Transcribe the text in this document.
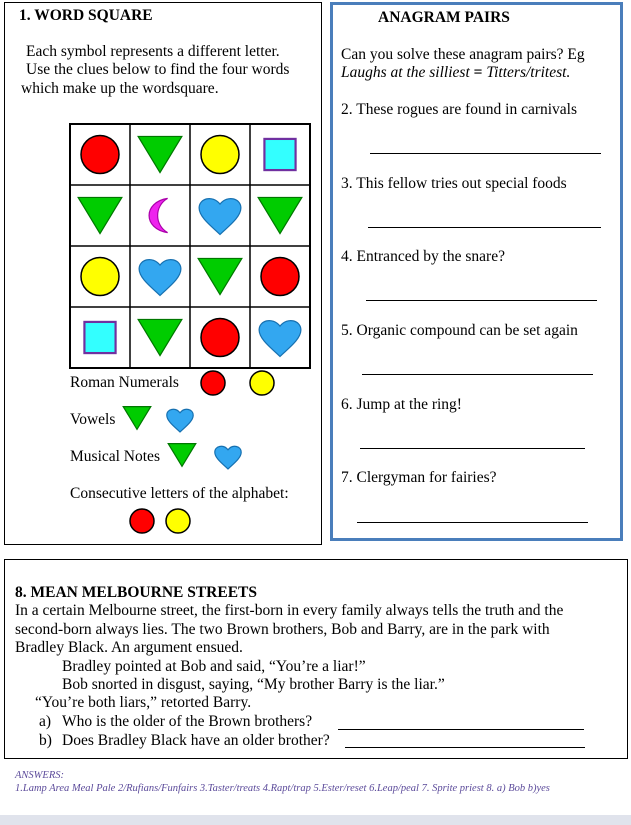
1. WORD SQUARE
Each symbol represents a different letter.
Use the clues below to find the four words
which make up the wordsquare.
Roman Numerals
Vowels
Musical Notes
Consecutive letters of the alphabet:
ANAGRAM PAIRS
Can you solve these anagram pairs? Eg
Laughs at the silliest = Titters/tritest.
2. These rogues are found in carnivals
3. This fellow tries out special foods
4. Entranced by the snare?
5. Organic compound can be set again
6. Jump at the ring!
7. Clergyman for fairies?
8. MEAN MELBOURNE STREETS
In a certain Melbourne street, the first-born in every family always tells the truth and the
second-born always lies. The two Brown brothers, Bob and Barry, are in the park with
Bradley Black. An argument ensued.
Bradley pointed at Bob and said, “You’re a liar!”
Bob snorted in disgust, saying, “My brother Barry is the liar.”
“You’re both liars,” retorted Barry.
a) Who is the older of the Brown brothers?
b) Does Bradley Black have an older brother?
ANSWERS:
1.Lamp Area Meal Pale 2/Rufians/Funfairs 3.Taster/treats 4.Rapt/trap 5.Ester/reset 6.Leap/peal 7. Sprite priest 8. a) Bob b)yes
